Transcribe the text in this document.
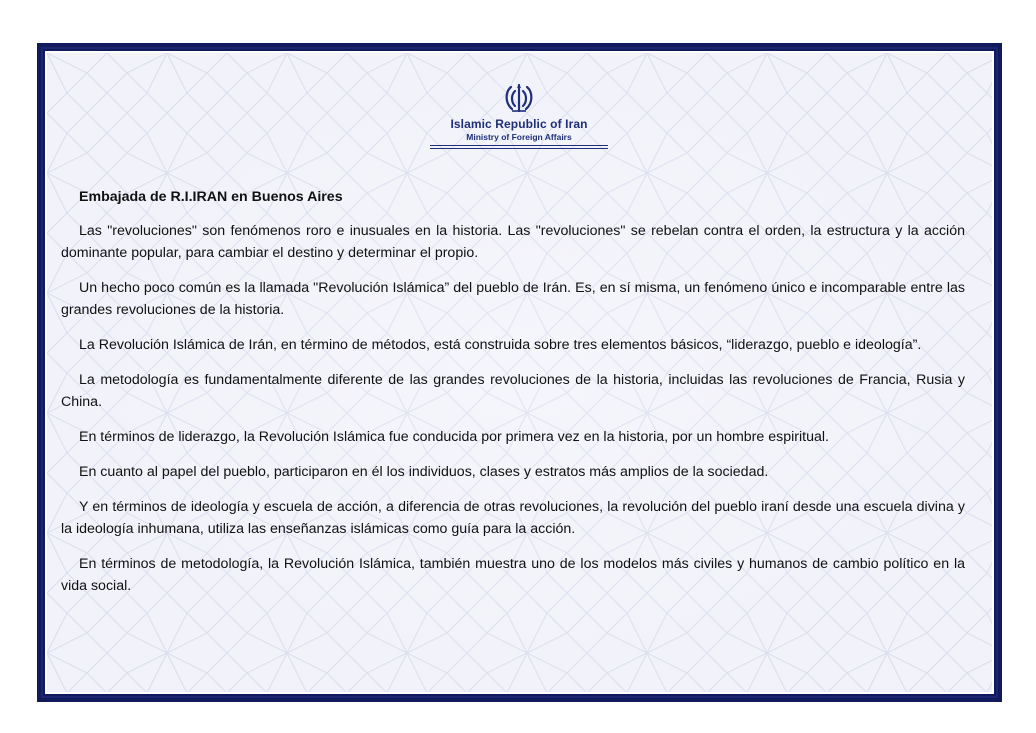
Islamic Republic of Iran
Ministry of Foreign Affairs

Embajada de R.I.IRAN en Buenos Aires

Las "revoluciones" son fenómenos roro e inusuales en la historia. Las "revoluciones" se rebelan contra el orden, la estructura y la acción dominante popular, para cambiar el destino y determinar el propio.

Un hecho poco común es la llamada "Revolución Islámica” del pueblo de Irán. Es, en sí misma, un fenómeno único e incomparable entre las grandes revoluciones de la historia.

La Revolución Islámica de Irán, en término de métodos, está construida sobre tres elementos básicos, “liderazgo, pueblo e ideología”.

La metodología es fundamentalmente diferente de las grandes revoluciones de la historia, incluidas las revoluciones de Francia, Rusia y China.

En términos de liderazgo, la Revolución Islámica fue conducida por primera vez en la historia, por un hombre espiritual.

En cuanto al papel del pueblo, participaron en él los individuos, clases y estratos más amplios de la sociedad.

Y en términos de ideología y escuela de acción, a diferencia de otras revoluciones, la revolución del pueblo iraní desde una escuela divina y la ideología inhumana, utiliza las enseñanzas islámicas como guía para la acción.

En términos de metodología, la Revolución Islámica, también muestra uno de los modelos más civiles y humanos de cambio político en la vida social.
